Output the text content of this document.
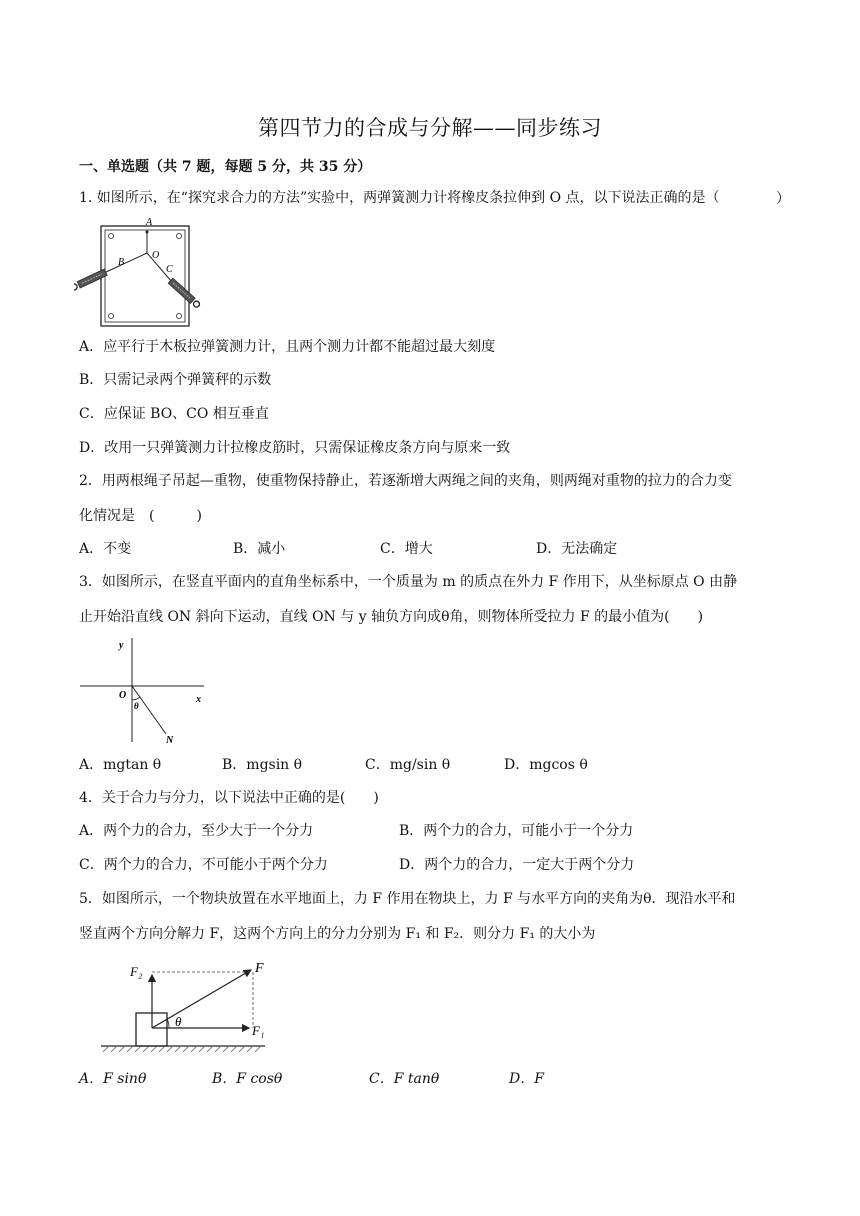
第四节力的合成与分解——同步练习
一、单选题（共 7 题，每题 5 分，共 35 分）
1. 如图所示，在“探究求合力的方法”实验中，两弹簧测力计将橡皮条拉伸到 O 点，以下说法正确的是（	）
A
B
O
C
A．应平行于木板拉弹簧测力计，且两个测力计都不能超过最大刻度
B．只需记录两个弹簧秤的示数
C．应保证 BO、CO 相互垂直
D．改用一只弹簧测力计拉橡皮筋时，只需保证橡皮条方向与原来一致
2．用两根绳子吊起—重物，使重物保持静止，若逐渐增大两绳之间的夹角，则两绳对重物的拉力的合力变
化情况是　(　　　)
A．不变	B．减小	C．增大	D．无法确定
3．如图所示，在竖直平面内的直角坐标系中，一个质量为 m 的质点在外力 F 作用下，从坐标原点 O 由静
止开始沿直线 ON 斜向下运动，直线 ON 与 y 轴负方向成θ角，则物体所受拉力 F 的最小值为(　　)
y
x
O
θ
N
A．mgtan θ	B．mgsin θ	C．mg/sin θ	D．mgcos θ
4．关于合力与分力，以下说法中正确的是(　　)
A．两个力的合力，至少大于一个分力	B．两个力的合力，可能小于一个分力
C．两个力的合力，不可能小于两个分力	D．两个力的合力，一定大于两个分力
5．如图所示，一个物块放置在水平地面上，力 F 作用在物块上，力 F 与水平方向的夹角为θ．现沿水平和
竖直两个方向分解力 F，这两个方向上的分力分别为 F₁ 和 F₂．则分力 F₁ 的大小为
F
F₁
F₂
θ
A．F sinθ	B．F cosθ	C．F tanθ	D．F
